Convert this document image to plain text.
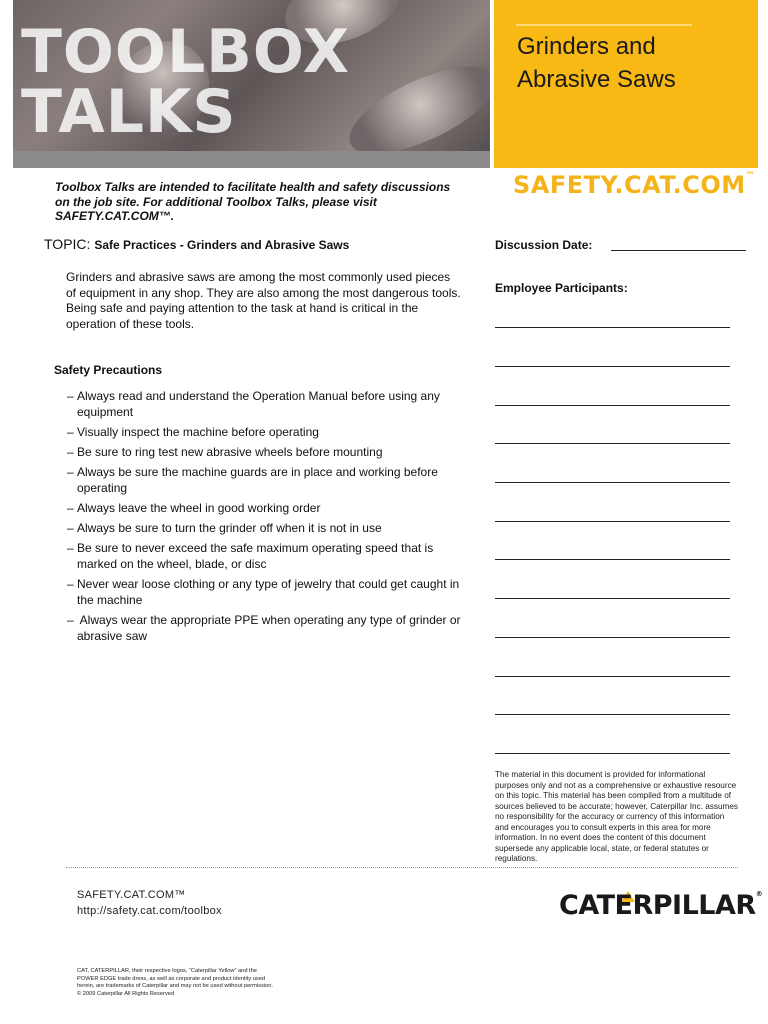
TOOLBOX
TALKS
Grinders and
Abrasive Saws
SAFETY.CAT.COM™
Toolbox Talks are intended to facilitate health and safety discussions on the job site. For additional Toolbox Talks, please visit SAFETY.CAT.COM™.
TOPIC: Safe Practices - Grinders and Abrasive Saws
Grinders and abrasive saws are among the most commonly used pieces of equipment in any shop. They are also among the most dangerous tools. Being safe and paying attention to the task at hand is critical in the operation of these tools.
Safety Precautions
– Always read and understand the Operation Manual before using any equipment
– Visually inspect the machine before operating
– Be sure to ring test new abrasive wheels before mounting
– Always be sure the machine guards are in place and working before operating
– Always leave the wheel in good working order
– Always be sure to turn the grinder off when it is not in use
– Be sure to never exceed the safe maximum operating speed that is marked on the wheel, blade, or disc
– Never wear loose clothing or any type of jewelry that could get caught in the machine
– Always wear the appropriate PPE when operating any type of grinder or abrasive saw
Discussion Date:
Employee Participants:
The material in this document is provided for informational purposes only and not as a comprehensive or exhaustive resource on this topic. This material has been compiled from a multitude of sources believed to be accurate; however, Caterpillar Inc. assumes no responsibility for the accuracy or currency of this information and encourages you to consult experts in this area for more information. In no event does the content of this document supersede any applicable local, state, or federal statutes or regulations.
SAFETY.CAT.COM™
http://safety.cat.com/toolbox	CATERPILLAR®
CAT, CATERPILLAR, their respective logos, “Caterpillar Yellow” and the POWER EDGE trade dress, as well as corporate and product identity used herein, are trademarks of Caterpillar and may not be used without permission. © 2009 Caterpillar All Rights Reserved
